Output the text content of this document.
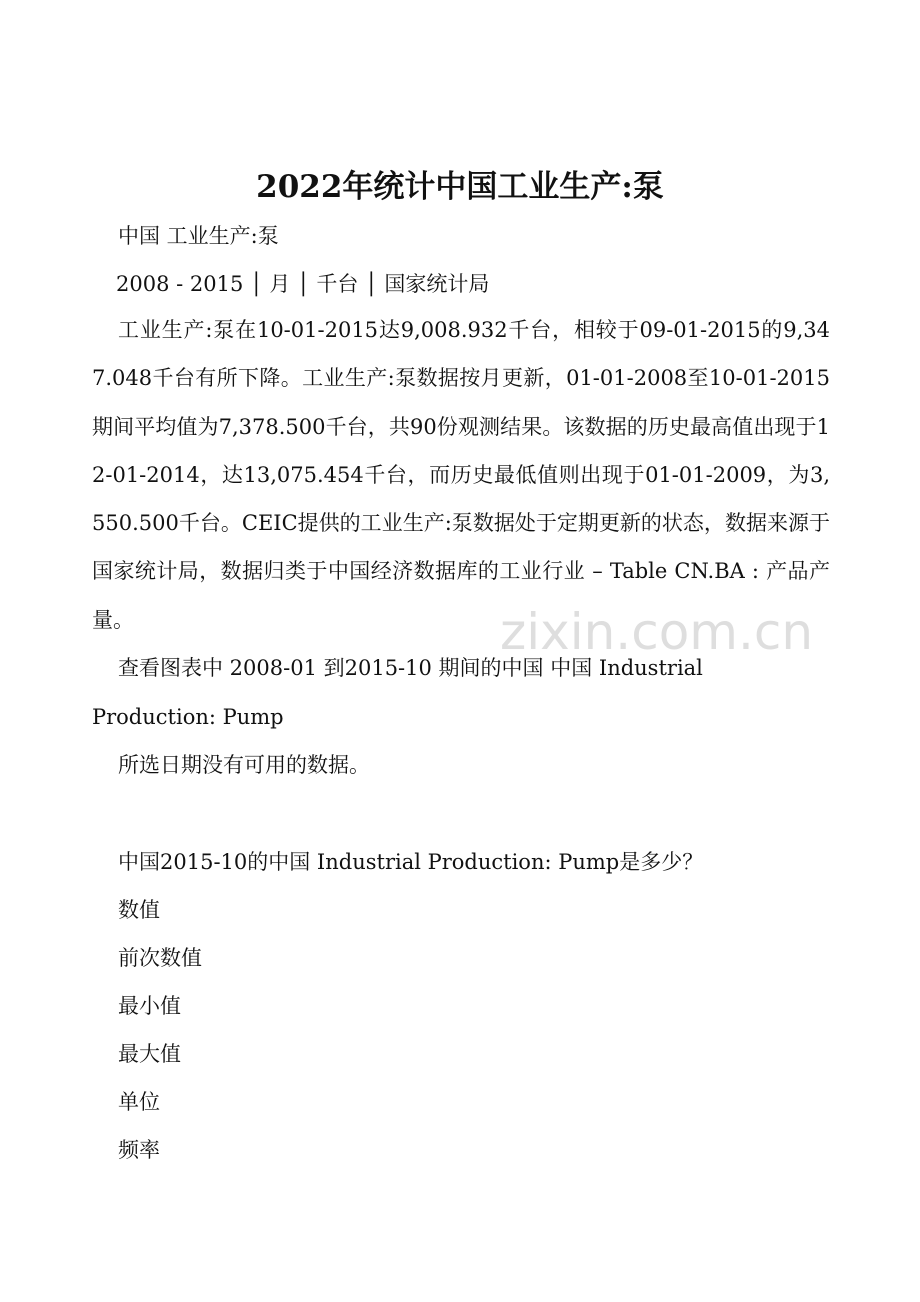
2022年统计中国工业生产:泵

中国 工业生产:泵

2008 - 2015 │ 月 │ 千台 │ 国家统计局

工业生产:泵在10-01-2015达9,008.932千台，相较于09-01-2015的9,347.048千台有所下降。工业生产:泵数据按月更新，01-01-2008至10-01-2015期间平均值为7,378.500千台，共90份观测结果。该数据的历史最高值出现于12-01-2014，达13,075.454千台，而历史最低值则出现于01-01-2009，为3,550.500千台。CEIC提供的工业生产:泵数据处于定期更新的状态，数据来源于国家统计局，数据归类于中国经济数据库的工业行业 – Table CN.BA : 产品产量。

查看图表中 2008-01 到2015-10 期间的中国 中国 Industrial Production: Pump

所选日期没有可用的数据。

中国2015-10的中国 Industrial Production: Pump是多少？

数值

前次数值

最小值

最大值

单位

频率

zixin.com.cn
